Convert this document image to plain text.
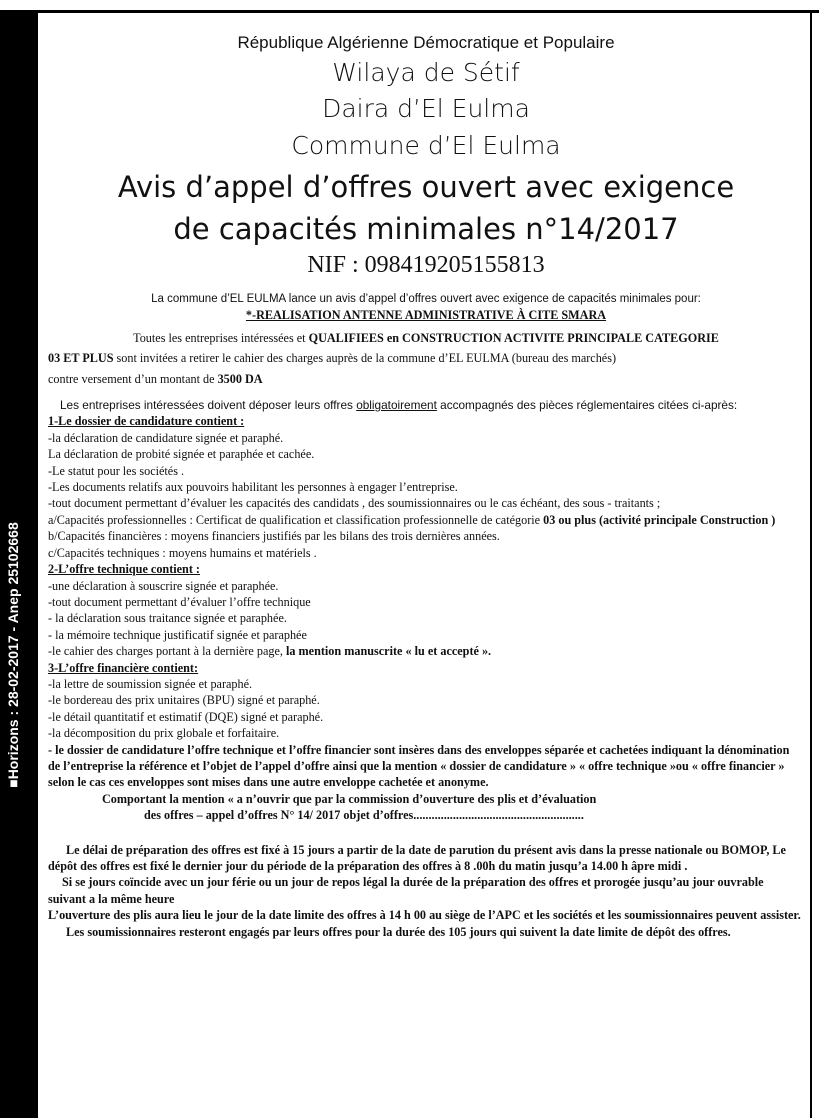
■Horizons : 28-02-2017 - Anep 25102668
République Algérienne Démocratique et Populaire
Wilaya de Sétif
Daira d’El Eulma
Commune d’El Eulma
Avis d’appel d’offres ouvert avec exigence
de capacités minimales n°14/2017
NIF : 098419205155813

La commune d’EL EULMA lance un avis d’appel d’offres ouvert avec exigence de capacités minimales pour:

*-REALISATION ANTENNE ADMINISTRATIVE À CITE SMARA

Toutes les entreprises intéressées et QUALIFIEES en CONSTRUCTION ACTIVITE PRINCIPALE CATEGORIE

03 ET PLUS sont invitées a retirer le cahier des charges auprès de la commune d’EL EULMA (bureau des marchés)

contre versement d’un montant de 3500 DA

Les entreprises intéressées doivent déposer leurs offres obligatoirement accompagnés des pièces réglementaires citées ci-après:

1-Le dossier de candidature contient :

-la déclaration de candidature signée et paraphé.

La déclaration de probité signée et paraphée et cachée.

-Le statut pour les sociétés .

-Les documents relatifs aux pouvoirs habilitant les personnes à engager l’entreprise.

-tout document permettant d’évaluer les capacités des candidats , des soumissionnaires ou le cas échéant, des sous - traitants ;

a/Capacités professionnelles : Certificat de qualification et classification professionnelle de catégorie 03 ou plus (activité principale Construction )

b/Capacités financières : moyens financiers justifiés par les bilans des trois dernières années.

c/Capacités techniques : moyens humains et matériels .

2-L’offre technique contient :

-une déclaration à souscrire signée et paraphée.

-tout document permettant d’évaluer l’offre technique

- la déclaration sous traitance signée et paraphée.

- la mémoire technique justificatif signée et paraphée

-le cahier des charges portant à la dernière page, la mention manuscrite « lu et accepté ».

3-L’offre financière contient:

-la lettre de soumission signée et paraphé.

-le bordereau des prix unitaires (BPU) signé et paraphé.

-le détail quantitatif et estimatif (DQE) signé et paraphé.

-la décomposition du prix globale et forfaitaire.

- le dossier de candidature l’offre technique et l’offre financier sont insères dans des enveloppes séparée et cachetées indiquant la dénomination de l’entreprise la référence et l’objet de l’appel d’offre ainsi que la mention « dossier de candidature » « offre technique »ou « offre financier » selon le cas ces enveloppes sont mises dans une autre enveloppe cachetée et anonyme.

Comportant la mention « a n’ouvrir que par la commission d’ouverture des plis et d’évaluation

des offres – appel d’offres N° 14/ 2017 objet d’offres........................................................

Le délai de préparation des offres est fixé à 15 jours a partir de la date de parution du présent avis dans la presse nationale ou BOMOP, Le dépôt des offres est fixé le dernier jour du période de la préparation des offres à 8 .00h du matin jusqu’a 14.00 h âpre midi .

Si se jours coïncide avec un jour férie ou un jour de repos légal la durée de la préparation des offres et prorogée jusqu’au jour ouvrable suivant a la même heure

L’ouverture des plis aura lieu le jour de la date limite des offres à 14 h 00 au siège de l’APC et les sociétés et les soumissionnaires peuvent assister.

Les soumissionnaires resteront engagés par leurs offres pour la durée des 105 jours qui suivent la date limite de dépôt des offres.
